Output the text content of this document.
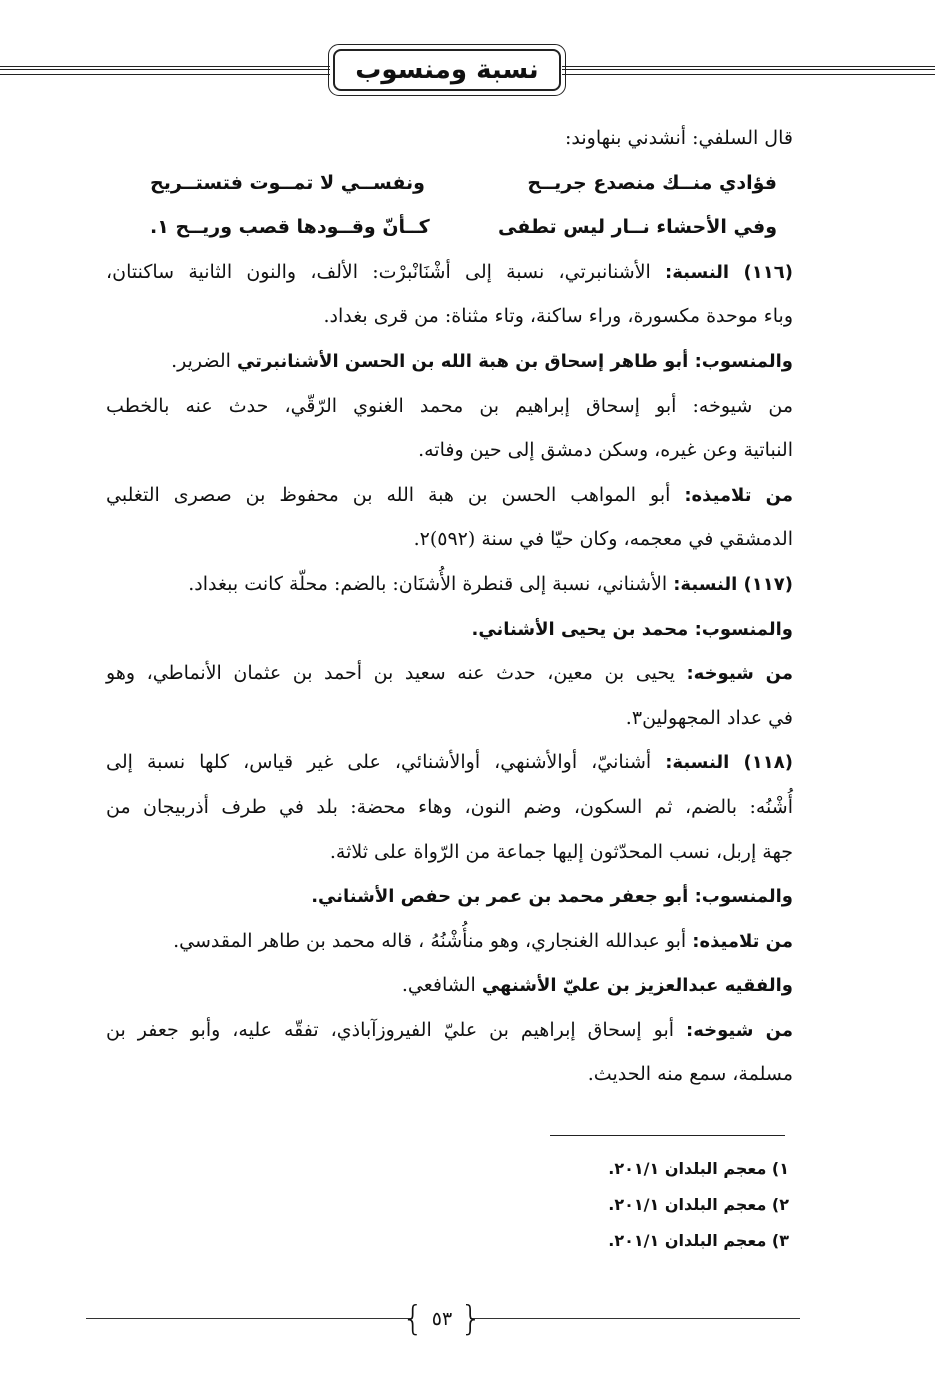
نسبة ومنسوب
قال السلفي: أنشدني بنهاوند:
فؤادي منــك منصدع جريــح
ونفســي لا تمــوت فتستــريح
وفي الأحشاء نــار ليس تطفى
كــأنّ وقــودها قصب وريــح ١.
(١١٦) النسبة: الأشنانبرتي، نسبة إلى أشْنَانْبرْت: الألف، والنون الثانية ساكنتان،
وباء موحدة مكسورة، وراء ساكنة، وتاء مثناة: من قرى بغداد.
والمنسوب: أبو طاهر إسحاق بن هبة الله بن الحسن الأشنانبرتي الضرير.
من شيوخه: أبو إسحاق إبراهيم بن محمد الغنوي الرّقّي، حدث عنه بالخطب
النباتية وعن غيره، وسكن دمشق إلى حين وفاته.
من تلاميذه: أبو المواهب الحسن بن هبة الله بن محفوظ بن صصرى التغلبي
الدمشقي في معجمه، وكان حيّا في سنة (٥٩٢)٢.
(١١٧) النسبة: الأشناني، نسبة إلى قنطرة الأُشنَان: بالضم: محلّة كانت ببغداد.
والمنسوب: محمد بن يحيى الأشناني.
من شيوخه: يحيى بن معين، حدث عنه سعيد بن أحمد بن عثمان الأنماطي، وهو
في عداد المجهولين٣.
(١١٨) النسبة: أشنانيّ، أوالأشنهي، أوالأشنائي، على غير قياس، كلها نسبة إلى
أُشْنُه: بالضم، ثم السكون، وضم النون، وهاء محضة: بلد في طرف أذربيجان من
جهة إربل، نسب المحدّثون إليها جماعة من الرّواة على ثلاثة.
والمنسوب: أبو جعفر محمد بن عمر بن حفص الأشناني.
من تلاميذه: أبو عبدالله الغنجاري، وهو منأُشْنُهُ ، قاله محمد بن طاهر المقدسي.
والفقيه عبدالعزيز بن عليّ الأشنهي الشافعي.
من شيوخه: أبو إسحاق إبراهيم بن عليّ الفيروزآباذي، تفقّه عليه، وأبو جعفر بن
مسلمة، سمع منه الحديث.
١) معجم البلدان ٢٠١/١.
٢) معجم البلدان ٢٠١/١.
٣) معجم البلدان ٢٠١/١.
{ ٥٣ }
